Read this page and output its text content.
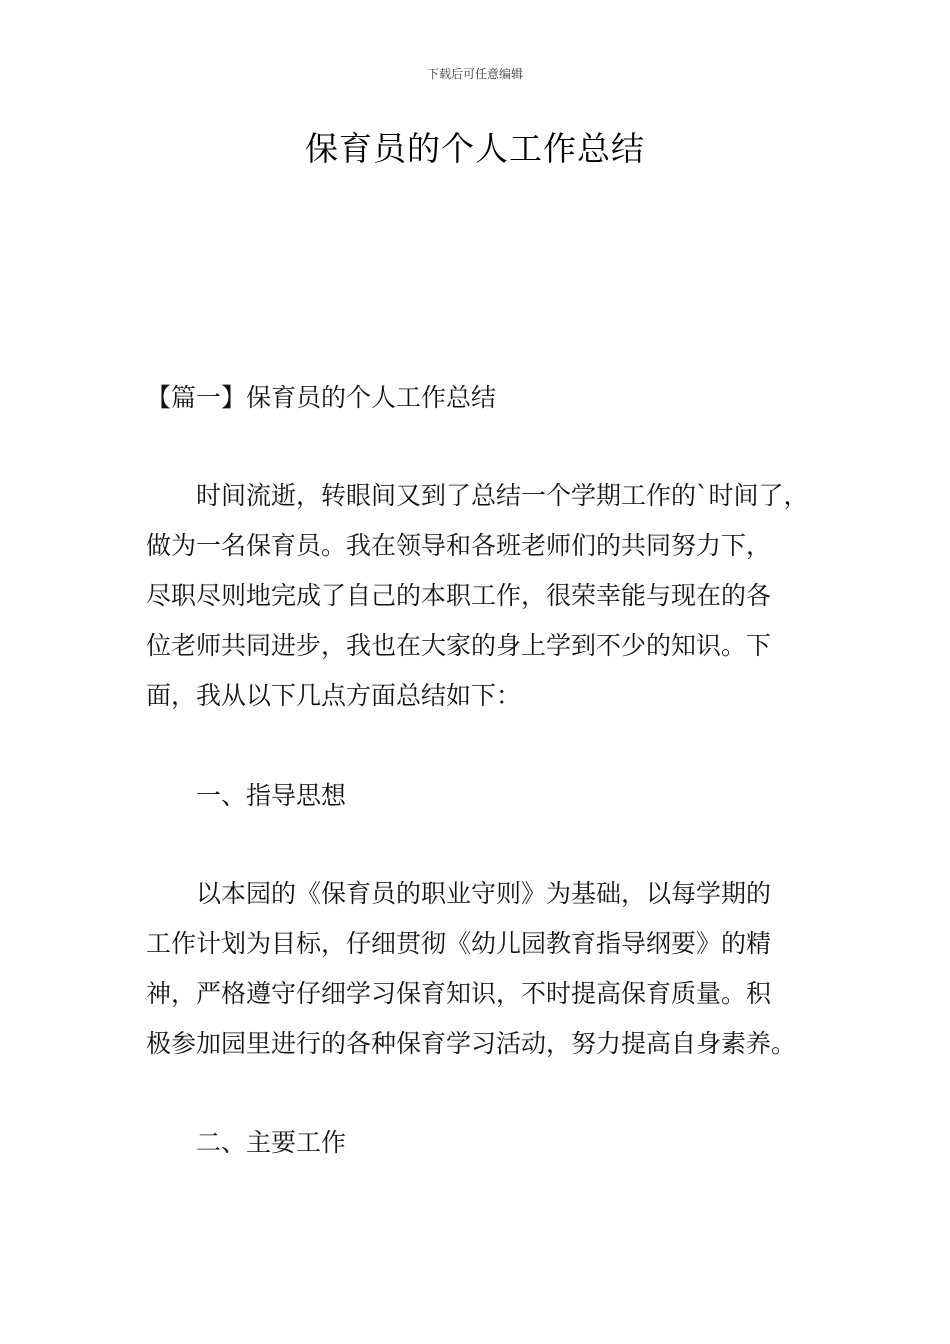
下载后可任意编辑
保育员的个人工作总结
【篇一】保育员的个人工作总结
时间流逝，转眼间又到了总结一个学期工作的`时间了，
做为一名保育员。我在领导和各班老师们的共同努力下，
尽职尽则地完成了自己的本职工作，很荣幸能与现在的各
位老师共同进步，我也在大家的身上学到不少的知识。下
面，我从以下几点方面总结如下：
一、指导思想
以本园的《保育员的职业守则》为基础，以每学期的
工作计划为目标，仔细贯彻《幼儿园教育指导纲要》的精
神，严格遵守仔细学习保育知识，不时提高保育质量。积
极参加园里进行的各种保育学习活动，努力提高自身素养。
二、主要工作
